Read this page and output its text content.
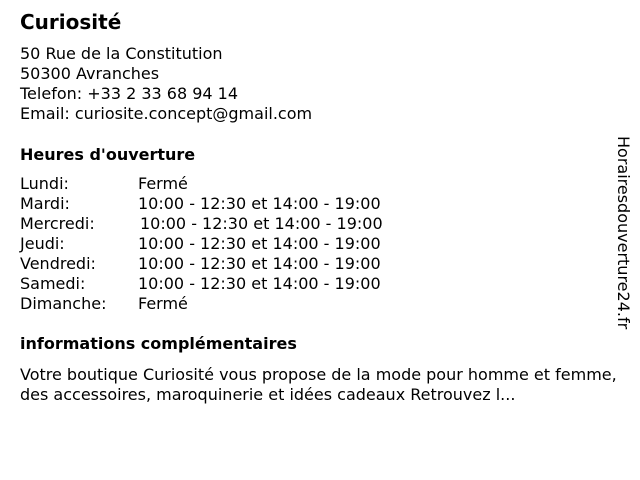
Curiosité
50 Rue de la Constitution
50300 Avranches
Telefon: +33 2 33 68 94 14
Email: curiosite.concept@gmail.com
Heures d'ouverture
Lundi:	Fermé
Mardi:	10:00 - 12:30 et 14:00 - 19:00
Mercredi:	10:00 - 12:30 et 14:00 - 19:00
Jeudi:	10:00 - 12:30 et 14:00 - 19:00
Vendredi:	10:00 - 12:30 et 14:00 - 19:00
Samedi:	10:00 - 12:30 et 14:00 - 19:00
Dimanche: Fermé
informations complémentaires

Votre boutique Curiosité vous propose de la mode pour homme et femme, des accessoires, maroquinerie et idées cadeaux Retrouvez l...

Horairesdouverture24.fr
